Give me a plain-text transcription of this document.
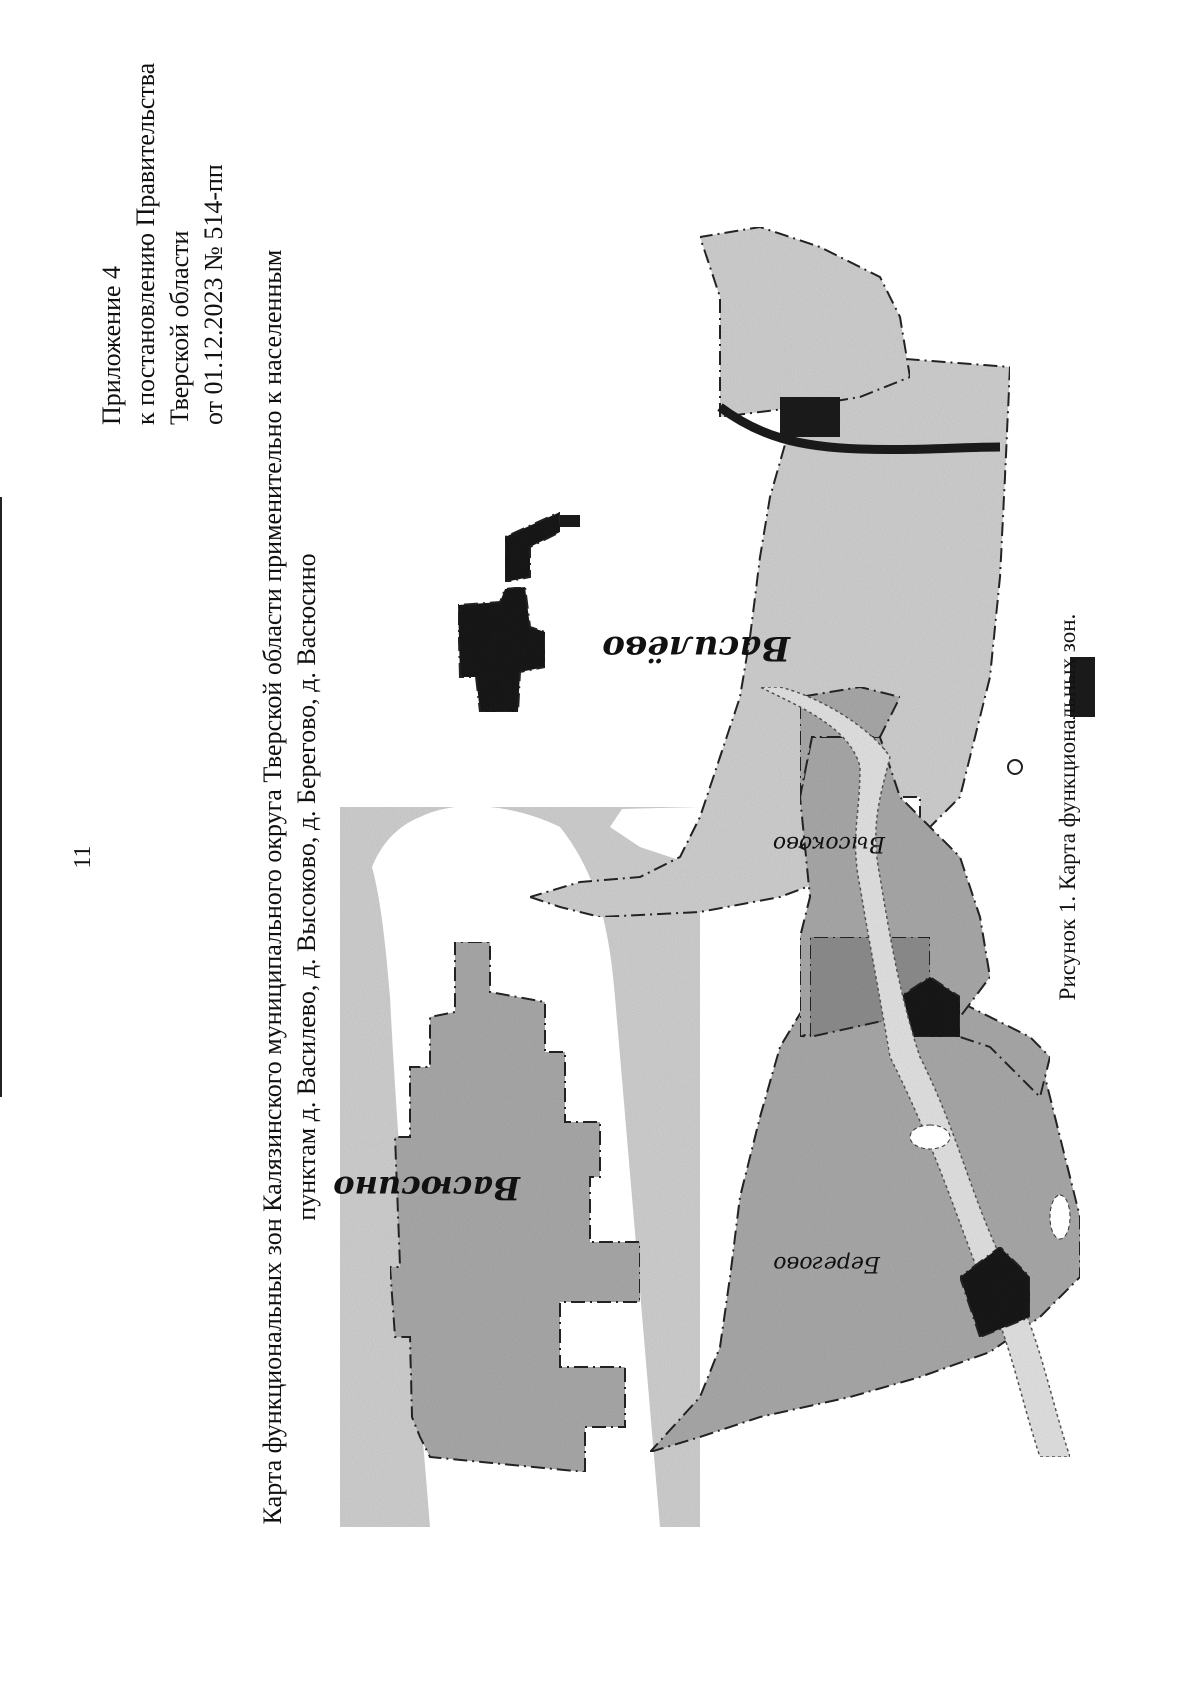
11
Приложение 4 к постановлению Правительства Тверской области от 01.12.2023 № 514-пп Карта функциональных зон Калязинского муниципального округа Тверской области применительно к населенным пунктам д. Василево, д. Высоково, д. Берегово, д. Васюсино Васюсино
Василёво
Высоково
Берегово
Рисунок 1. Карта функциональных зон.
